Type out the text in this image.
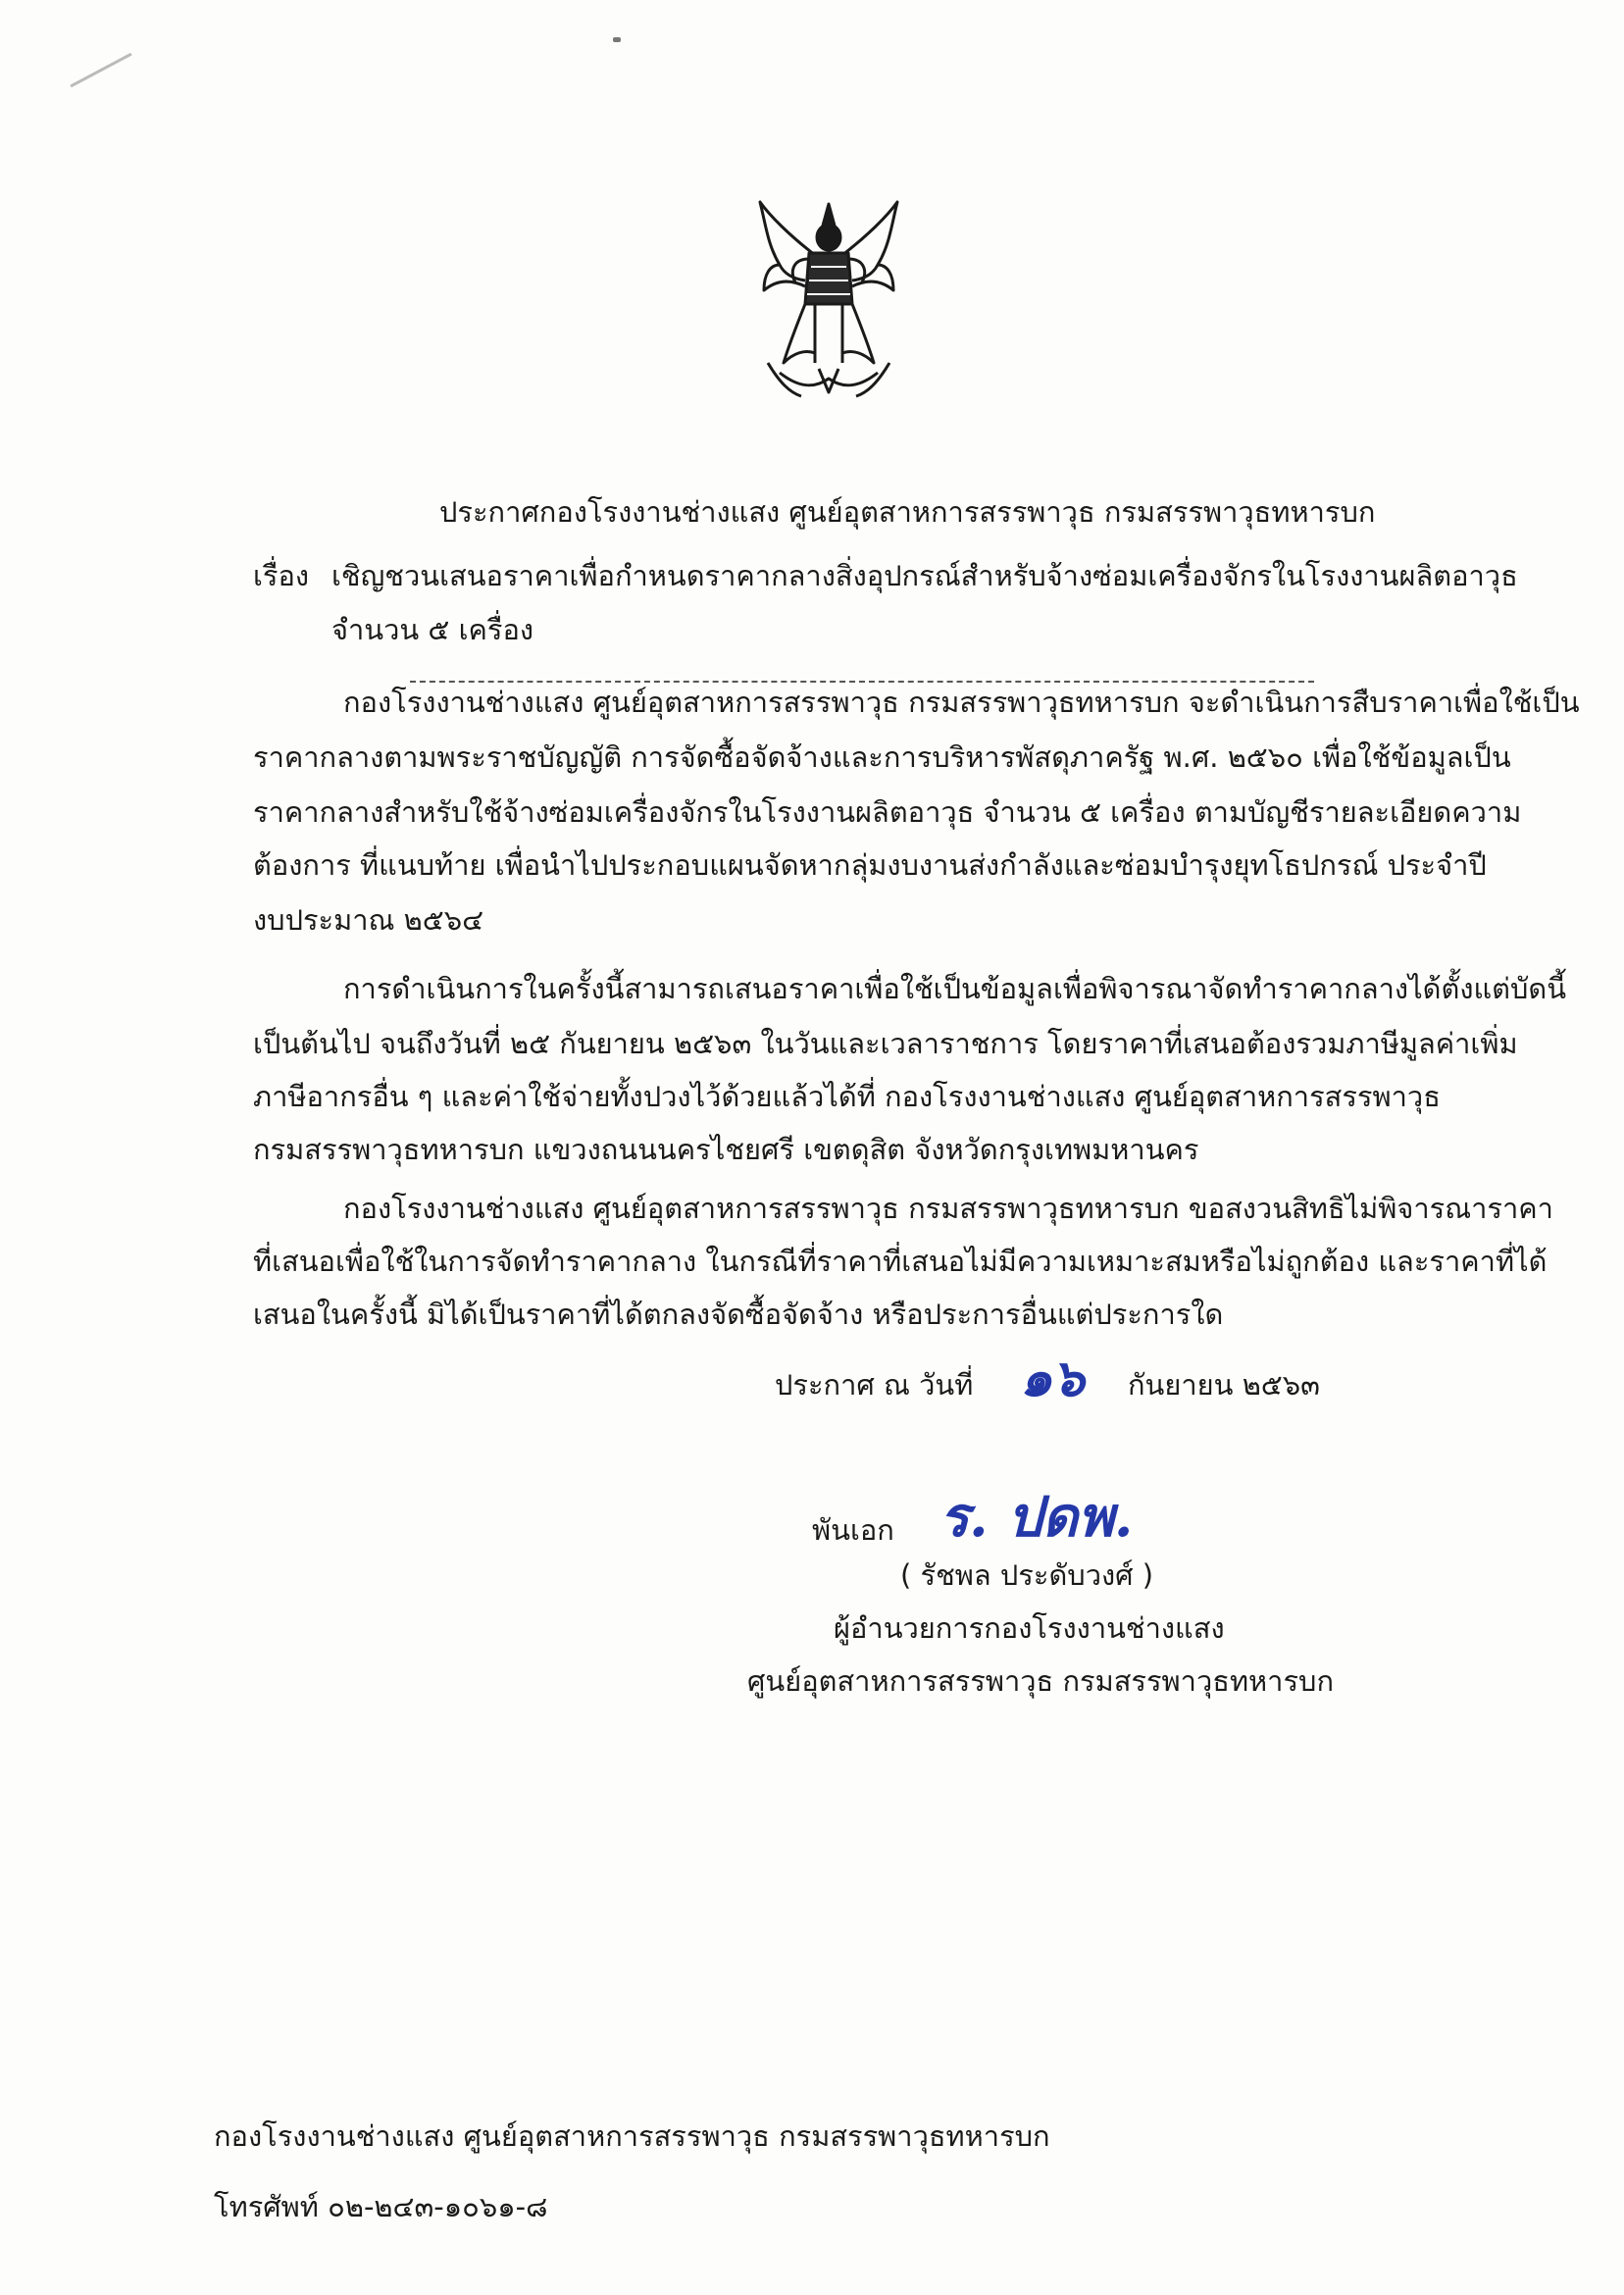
ประกาศกองโรงงานช่างแสง ศูนย์อุตสาหการสรรพาวุธ กรมสรรพาวุธทหารบก
เรื่อง เชิญชวนเสนอราคาเพื่อกำหนดราคากลางสิ่งอุปกรณ์สำหรับจ้างซ่อมเครื่องจักรในโรงงานผลิตอาวุธ
จำนวน ๕ เครื่อง
กองโรงงานช่างแสง ศูนย์อุตสาหการสรรพาวุธ กรมสรรพาวุธทหารบก จะดำเนินการสืบราคาเพื่อใช้เป็น
ราคากลางตามพระราชบัญญัติ การจัดซื้อจัดจ้างและการบริหารพัสดุภาครัฐ พ.ศ. ๒๕๖๐ เพื่อใช้ข้อมูลเป็น
ราคากลางสำหรับใช้จ้างซ่อมเครื่องจักรในโรงงานผลิตอาวุธ จำนวน ๕ เครื่อง ตามบัญชีรายละเอียดความ
ต้องการ ที่แนบท้าย เพื่อนำไปประกอบแผนจัดหากลุ่มงบงานส่งกำลังและซ่อมบำรุงยุทโธปกรณ์ ประจำปี
งบประมาณ ๒๕๖๔
การดำเนินการในครั้งนี้สามารถเสนอราคาเพื่อใช้เป็นข้อมูลเพื่อพิจารณาจัดทำราคากลางได้ตั้งแต่บัดนี้
เป็นต้นไป จนถึงวันที่ ๒๕ กันยายน ๒๕๖๓ ในวันและเวลาราชการ โดยราคาที่เสนอต้องรวมภาษีมูลค่าเพิ่ม
ภาษีอากรอื่น ๆ และค่าใช้จ่ายทั้งปวงไว้ด้วยแล้วได้ที่ กองโรงงานช่างแสง ศูนย์อุตสาหการสรรพาวุธ
กรมสรรพาวุธทหารบก แขวงถนนนครไชยศรี เขตดุสิต จังหวัดกรุงเทพมหานคร
กองโรงงานช่างแสง ศูนย์อุตสาหการสรรพาวุธ กรมสรรพาวุธทหารบก ขอสงวนสิทธิไม่พิจารณาราคา
ที่เสนอเพื่อใช้ในการจัดทำราคากลาง ในกรณีที่ราคาที่เสนอไม่มีความเหมาะสมหรือไม่ถูกต้อง และราคาที่ได้
เสนอในครั้งนี้ มิได้เป็นราคาที่ได้ตกลงจัดซื้อจัดจ้าง หรือประการอื่นแต่ประการใด
ประกาศ ณ วันที่ ๑๖ กันยายน ๒๕๖๓
พันเอก ร. ปดพ.
( รัชพล ประดับวงศ์ )
ผู้อำนวยการกองโรงงานช่างแสง
ศูนย์อุตสาหการสรรพาวุธ กรมสรรพาวุธทหารบก
กองโรงงานช่างแสง ศูนย์อุตสาหการสรรพาวุธ กรมสรรพาวุธทหารบก
โทรศัพท์ ๐๒-๒๔๓-๑๐๖๑-๘
